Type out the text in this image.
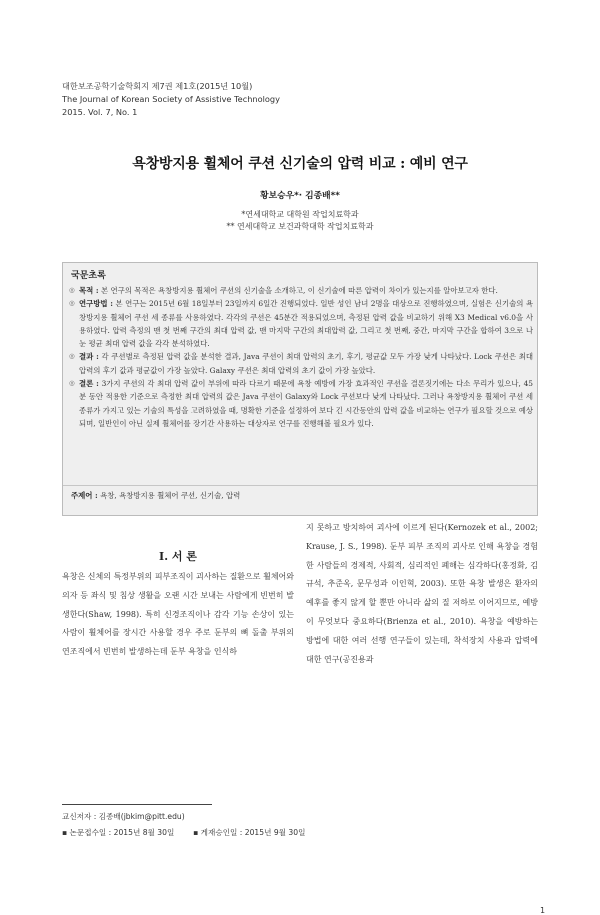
대한보조공학기술학회지 제7권 제1호(2015년 10월)
The Journal of Korean Society of Assistive Technology
2015. Vol. 7, No. 1
욕창방지용 휠체어 쿠션 신기술의 압력 비교 : 예비 연구
황보승우*· 김종배**
*연세대학교 대학원 작업치료학과
** 연세대학교 보건과학대학 작업치료학과
국문초록
◎ 목적 : 본 연구의 목적은 욕창방지용 휠체어 쿠션의 신기술을 소개하고, 이 신기술에 따른 압력이 차이가 있는지를 알아보고자 한다.
◎ 연구방법 : 본 연구는 2015년 6월 18일부터 23일까지 6일간 진행되었다. 일반 성인 남녀 2명을 대상으로 진행하였으며, 실험은 신기술의 욕창방지용 휠체어 쿠션 세 종류를 사용하였다. 각각의 쿠션은 45분간 적용되었으며, 측정된 압력 값을 비교하기 위해 X3 Medical v6.0을 사용하였다. 압력 측정의 맨 첫 번째 구간의 최대 압력 값, 맨 마지막 구간의 최대압력 값, 그리고 첫 번째, 중간, 마지막 구간을 합하여 3으로 나눈 평균 최대 압력 값을 각각 분석하였다.
◎ 결과 : 각 쿠션별로 측정된 압력 값을 분석한 결과, Java 쿠션이 최대 압력의 초기, 후기, 평균값 모두 가장 낮게 나타났다. Lock 쿠션은 최대 압력의 후기 값과 평균값이 가장 높았다. Galaxy 쿠션은 최대 압력의 초기 값이 가장 높았다.
◎ 결론 : 3가지 쿠션의 각 최대 압력 값이 부위에 따라 다르기 때문에 욕창 예방에 가장 효과적인 쿠션을 결론짓기에는 다소 무리가 있으나, 45분 동안 적용한 기준으로 측정한 최대 압력의 값은 Java 쿠션이 Galaxy와 Lock 쿠션보다 낮게 나타났다. 그러나 욕창방지용 휠체어 쿠션 세 종류가 가지고 있는 기술의 특성을 고려하였을 때, 명확한 기준을 설정하여 보다 긴 시간동안의 압력 값을 비교하는 연구가 필요할 것으로 예상되며, 일반인이 아닌 실제 휠체어를 장기간 사용하는 대상자로 연구를 진행해볼 필요가 있다.
주제어 : 욕창, 욕창방지용 휠체어 쿠션, 신기술, 압력
Ⅰ. 서 론
욕창은 신체의 특정부위의 피부조직이 괴사하는 질환으로 휠체어와 의자 등 좌식 및 침상 생활을 오랜 시간 보내는 사람에게 빈번히 발생한다(Shaw, 1998). 특히 신경조직이나 감각 기능 손상이 있는 사람이 휠체어를 장시간 사용할 경우 주로 둔부의 뼈 돌출 부위의 연조직에서 빈번히 발생하는데 둔부 욕창을 인식하
지 못하고 방치하여 괴사에 이르게 된다(Kernozek et al., 2002; Krause, J. S., 1998). 둔부 피부 조직의 괴사로 인해 욕창을 경험한 사람들의 경제적, 사회적, 심리적인 폐해는 심각하다(홍정화, 김규석, 추준옥, 문무성과 이인혁, 2003). 또한 욕창 발생은 환자의 예후를 좋지 않게 할 뿐만 아니라 삶의 질 저하로 이어지므로, 예방이 무엇보다 중요하다(Brienza et al., 2010). 욕창을 예방하는 방법에 대한 여러 선행 연구들이 있는데, 착석장치 사용과 압력에 대한 연구(공진용과
교신저자 : 김종배(jbkim@pitt.edu)
▪ 논문접수일 : 2015년 8월 30일 ▪ 게재승인일 : 2015년 9월 30일
1
